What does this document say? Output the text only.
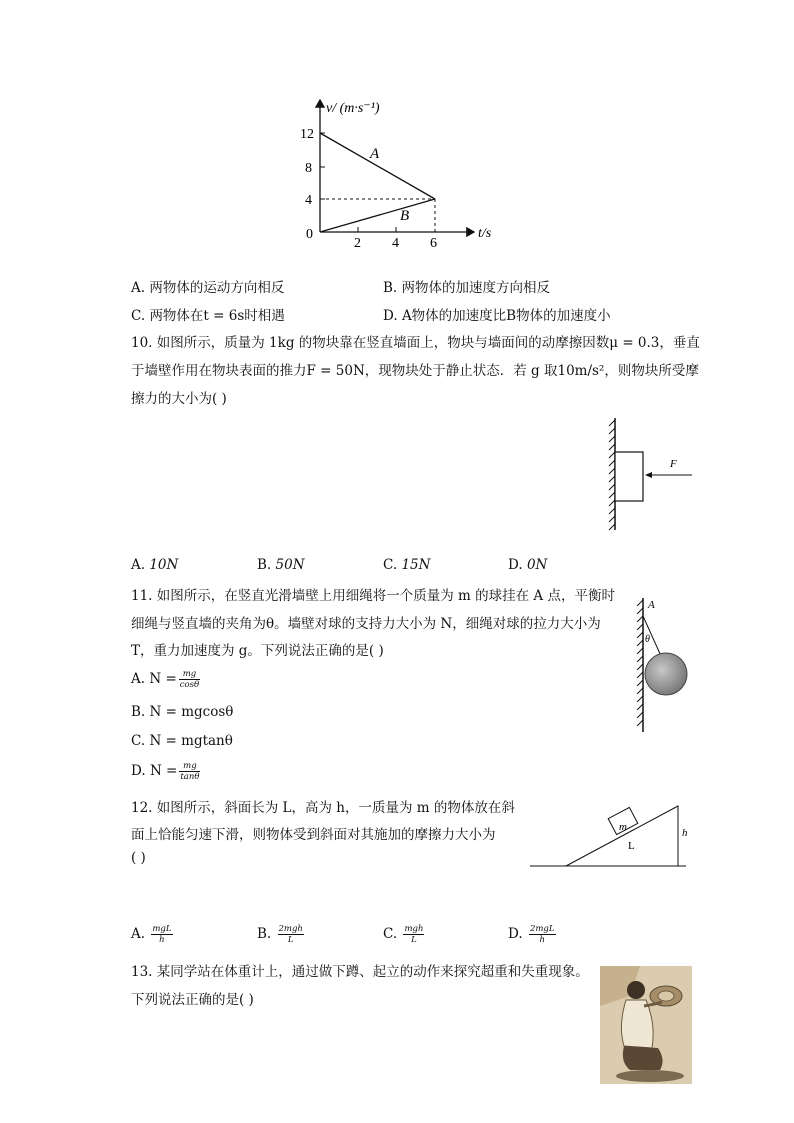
v/ (m·s⁻¹)
t/s
12
8
4
0
2 4 6
A
B
A. 两物体的运动方向相反	B. 两物体的加速度方向相反
C. 两物体在t = 6s时相遇	D. A物体的加速度比B物体的加速度小
10. 如图所示，质量为 1kg 的物块靠在竖直墙面上，物块与墙面间的动摩擦因数μ = 0.3，垂直
于墙壁作用在物块表面的推力F = 50N，现物块处于静止状态．若 g 取10m/s²，则物块所受摩
擦力的大小为( )
F
A. 10N	B. 50N	C. 15N	D. 0N
11. 如图所示，在竖直光滑墙壁上用细绳将一个质量为 m 的球挂在 A 点，平衡时
细绳与竖直墙的夹角为θ。墙壁对球的支持力大小为 N，细绳对球的拉力大小为
T，重力加速度为 g。下列说法正确的是( )
A
θ
A. $N = \frac{mg}{\cos\theta}$
B. N = mgcosθ
C. N = mgtanθ
D. $N = \frac{mg}{\tan\theta}$
12. 如图所示，斜面长为 L，高为 h，一质量为 m 的物体放在斜
面上恰能匀速下滑，则物体受到斜面对其施加的摩擦力大小为
( )
m
L
h
A. $\frac{\text{mgL}}{h}$	B. $\frac{\text{2mgh}}{L}$	C. $\frac{\text{mgh}}{L}$	D. $\frac{\text{2mgL}}{h}$
13. 某同学站在体重计上，通过做下蹲、起立的动作来探究超重和失重现象。
下列说法正确的是( )
